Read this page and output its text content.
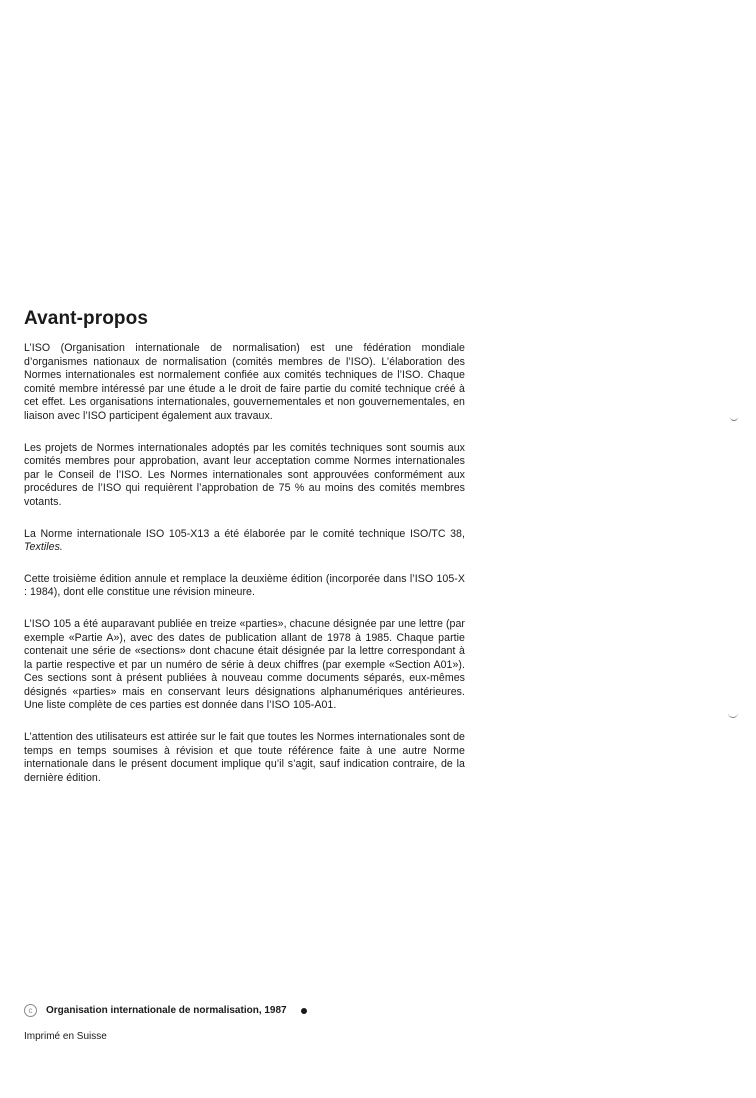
Avant-propos

L’ISO (Organisation internationale de normalisation) est une fédération mondiale d’organismes nationaux de normalisation (comités membres de l’ISO). L’élaboration des Normes internationales est normalement confiée aux comités techniques de l’ISO. Chaque comité membre intéressé par une étude a le droit de faire partie du comité technique créé à cet effet. Les organisations internationales, gouvernementales et non gouvernementales, en liaison avec l’ISO participent également aux travaux.

Les projets de Normes internationales adoptés par les comités techniques sont soumis aux comités membres pour approbation, avant leur acceptation comme Normes internationales par le Conseil de l’ISO. Les Normes internationales sont approuvées conformément aux procédures de l’ISO qui requièrent l’approbation de 75 % au moins des comités membres votants.

La Norme internationale ISO 105-X13 a été élaborée par le comité technique ISO/TC 38, Textiles.

Cette troisième édition annule et remplace la deuxième édition (incorporée dans l’ISO 105-X : 1984), dont elle constitue une révision mineure.

L’ISO 105 a été auparavant publiée en treize «parties», chacune désignée par une lettre (par exemple «Partie A»), avec des dates de publication allant de 1978 à 1985. Chaque partie contenait une série de «sections» dont chacune était désignée par la lettre correspondant à la partie respective et par un numéro de série à deux chiffres (par exemple «Section A01»). Ces sections sont à présent publiées à nouveau comme documents séparés, eux-mêmes désignés «parties» mais en conservant leurs désignations alphanumériques antérieures. Une liste complète de ces parties est donnée dans l’ISO 105-A01.

L’attention des utilisateurs est attirée sur le fait que toutes les Normes internationales sont de temps en temps soumises à révision et que toute référence faite à une autre Norme internationale dans le présent document implique qu’il s’agit, sauf indication contraire, de la dernière édition.

c	Organisation internationale de normalisation, 1987
Imprimé en Suisse
